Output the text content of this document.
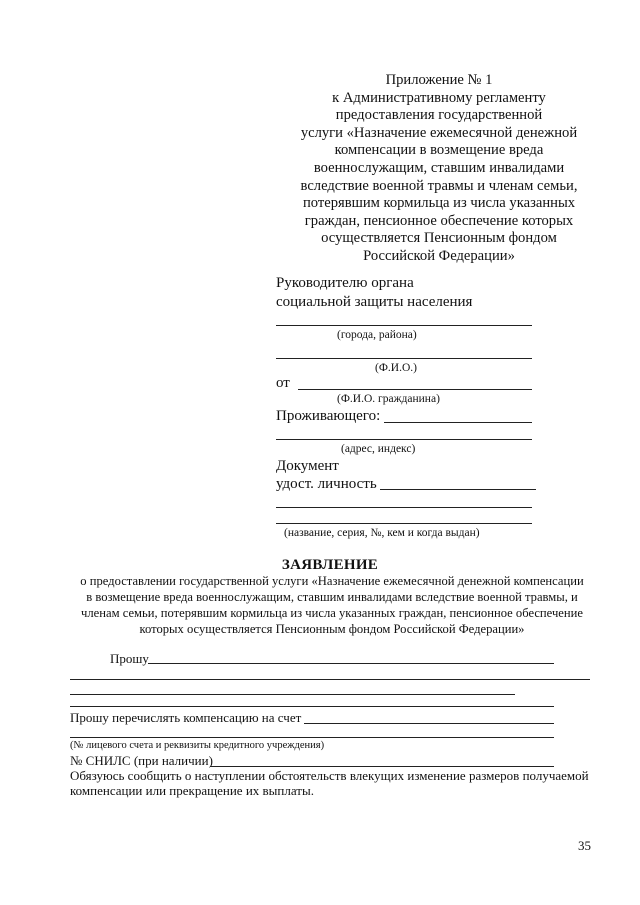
Приложение № 1
к Административному регламенту
предоставления государственной
услуги «Назначение ежемесячной денежной
компенсации в возмещение вреда
военнослужащим, ставшим инвалидами
вследствие военной травмы и членам семьи,
потерявшим кормильца из числа указанных
граждан, пенсионное обеспечение которых
осуществляется Пенсионным фондом
Российской Федерации»
Руководителю органа
социальной защиты населения
(города, района)
(Ф.И.О.)
от
(Ф.И.О. гражданина)
Проживающего:
(адрес, индекс)
Документ
удост. личность
(название, серия, №, кем и когда выдан)
ЗАЯВЛЕНИЕ
о предоставлении государственной услуги «Назначение ежемесячной денежной компенсации
в возмещение вреда военнослужащим, ставшим инвалидами вследствие военной травмы, и
членам семьи, потерявшим кормильца из числа указанных граждан, пенсионное обеспечение
которых осуществляется Пенсионным фондом Российской Федерации»
Прошу
Прошу перечислять компенсацию на счет
(№ лицевого счета и реквизиты кредитного учреждения)
№ СНИЛС (при наличии)
Обязуюсь сообщить о наступлении обстоятельств влекущих изменение размеров получаемой
компенсации или прекращение их выплаты.
35
